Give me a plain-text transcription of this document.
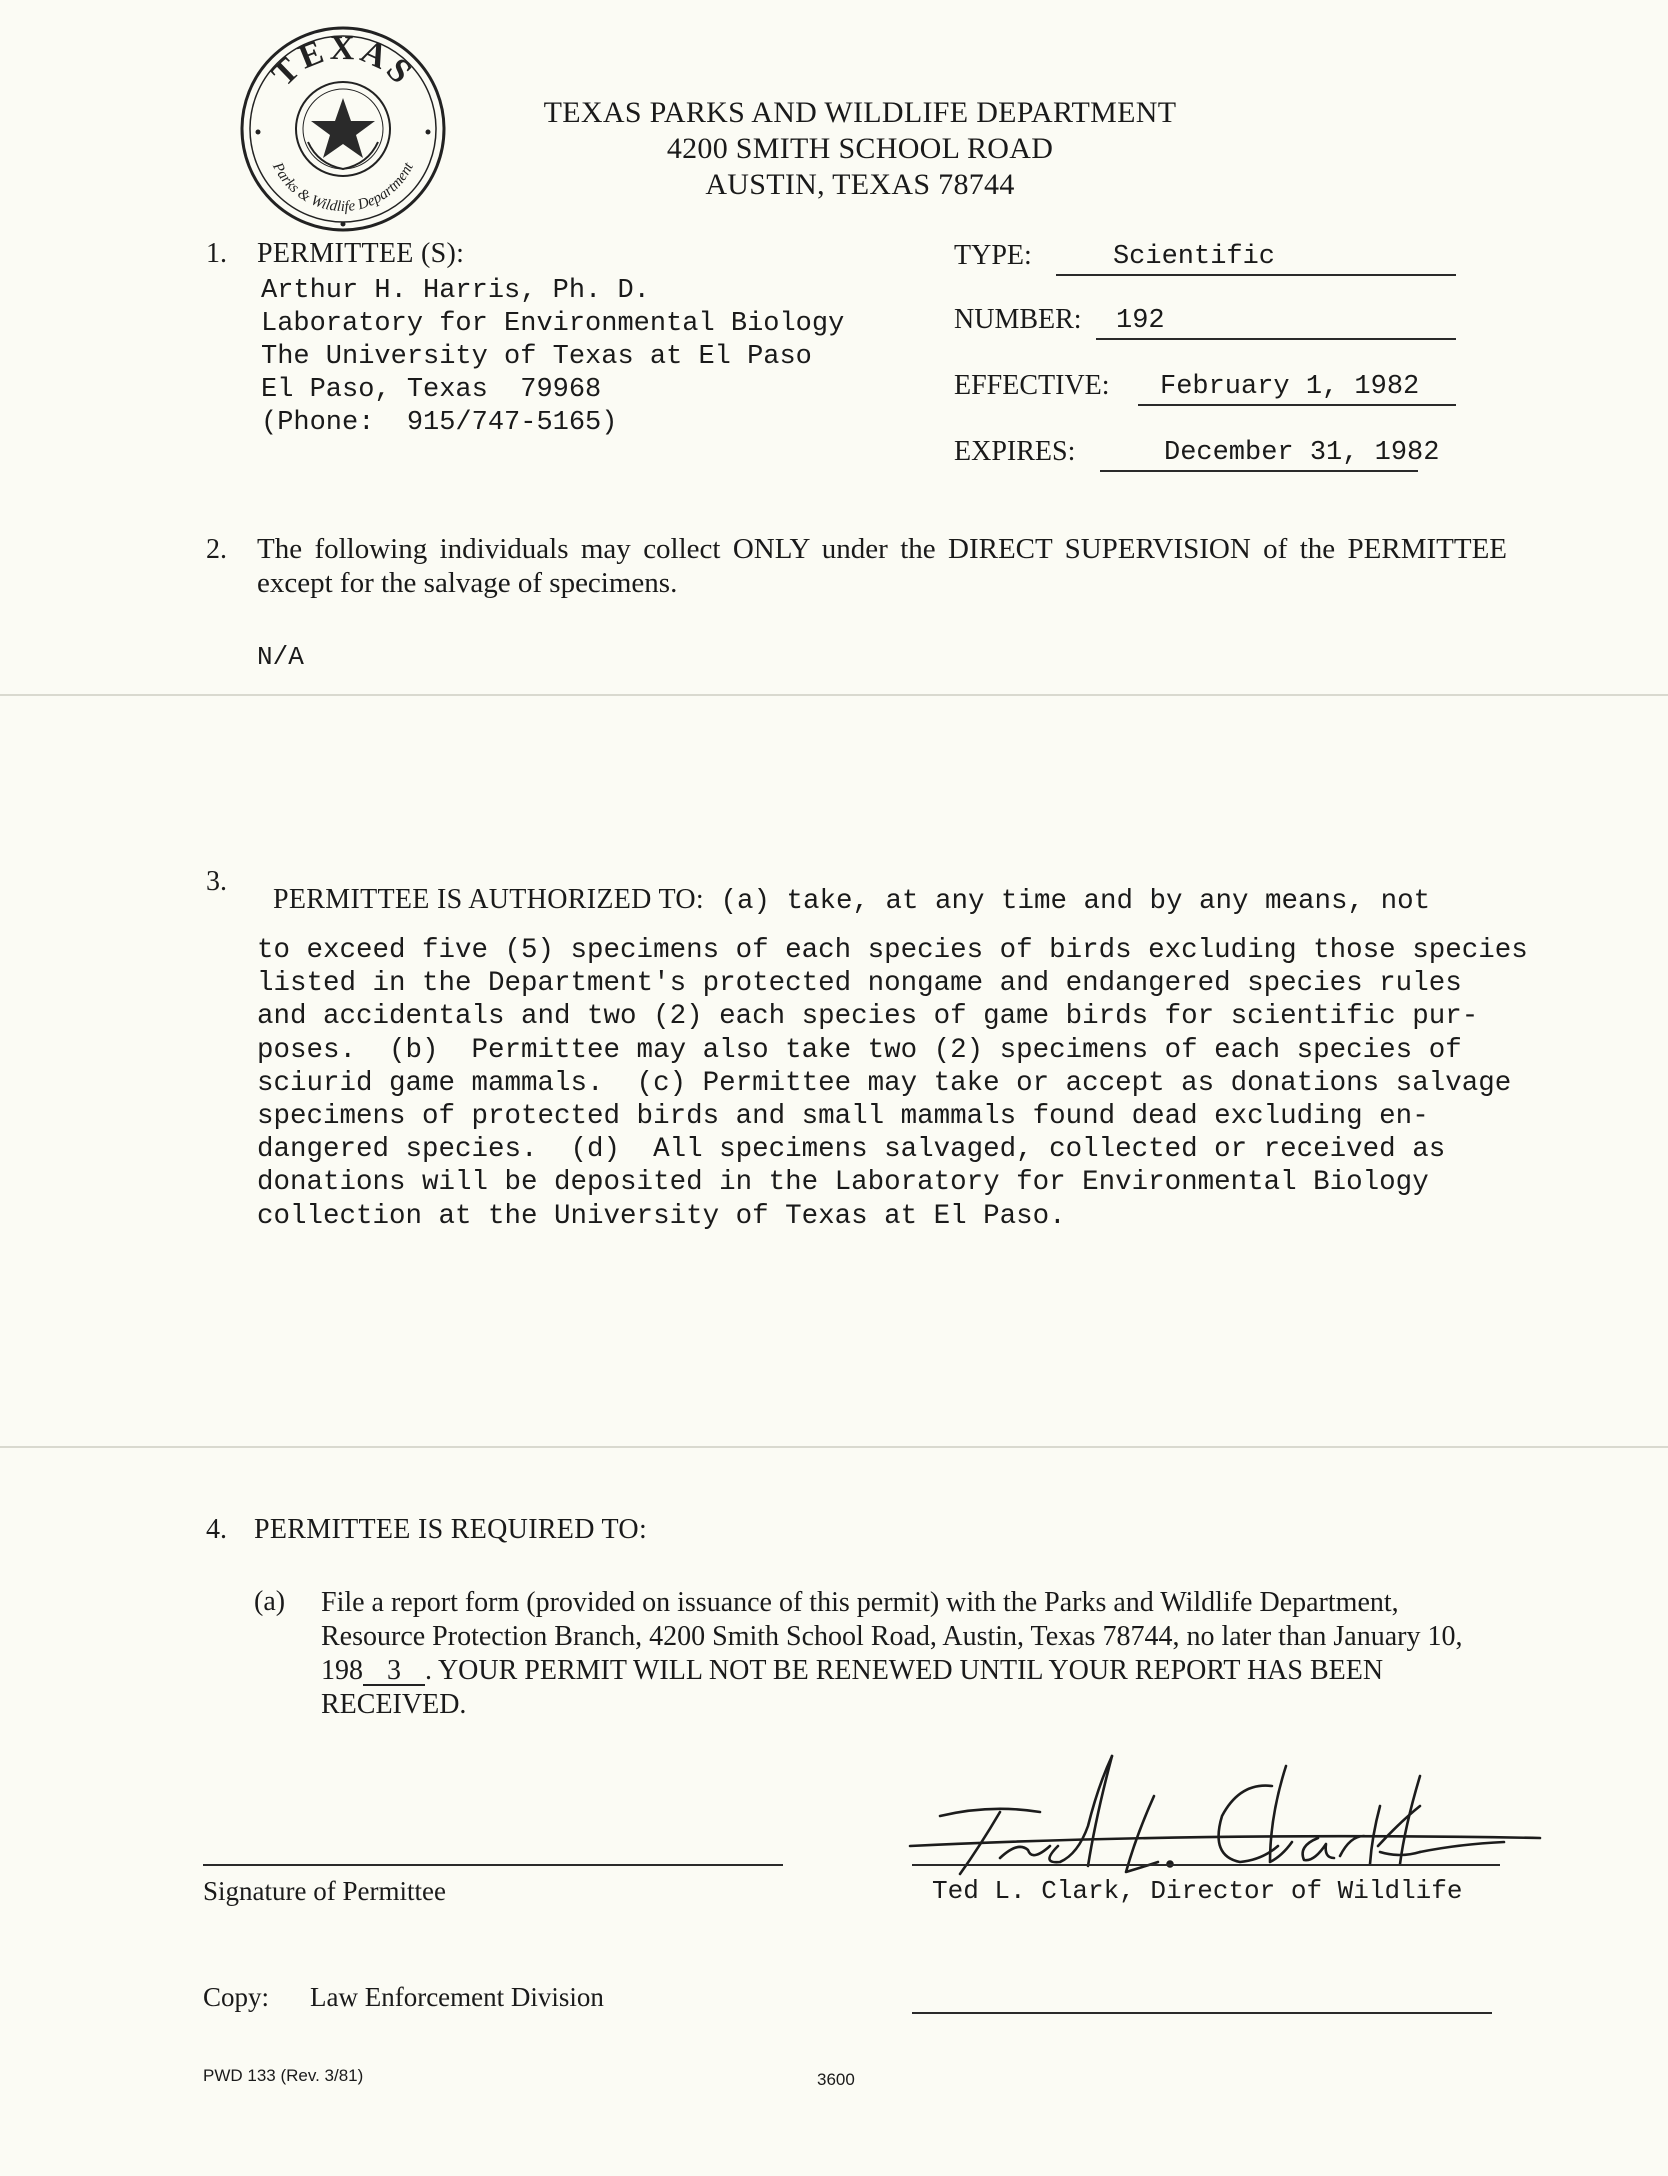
TEXAS
Parks & Wildlife Department
TEXAS PARKS AND WILDLIFE DEPARTMENT
4200 SMITH SCHOOL ROAD
AUSTIN, TEXAS 78744
1. PERMITTEE (S):
Arthur H. Harris, Ph. D.
Laboratory for Environmental Biology
The University of Texas at El Paso
El Paso, Texas  79968
(Phone:  915/747-5165)
TYPE:	Scientific
NUMBER: 192
EFFECTIVE: February 1, 1982
EXPIRES:	December 31, 1982
2. The following individuals may collect ONLY under the DIRECT SUPERVISION of the PERMITTEE except for the salvage of specimens.
N/A
3.

PERMITTEE IS AUTHORIZED TO: (a) take, at any time and by any means, not

to exceed five (5) specimens of each species of birds excluding those species
listed in the Department's protected nongame and endangered species rules
and accidentals and two (2) each species of game birds for scientific pur-
poses.  (b)  Permittee may also take two (2) specimens of each species of
sciurid game mammals.  (c) Permittee may take or accept as donations salvage
specimens of protected birds and small mammals found dead excluding en-
dangered species.  (d)  All specimens salvaged, collected or received as
donations will be deposited in the Laboratory for Environmental Biology
collection at the University of Texas at El Paso.
4. PERMITTEE IS REQUIRED TO:
(a) File a report form (provided on issuance of this permit) with the Parks and Wildlife Department, Resource Protection Branch, 4200 Smith School Road, Austin, Texas 78744, no later than January 10, 198 3 . YOUR PERMIT WILL NOT BE RENEWED UNTIL YOUR REPORT HAS BEEN RECEIVED.
Signature of Permittee	Ted L. Clark, Director of Wildlife
Copy: Law Enforcement Division
PWD 133 (Rev. 3/81)	3600
